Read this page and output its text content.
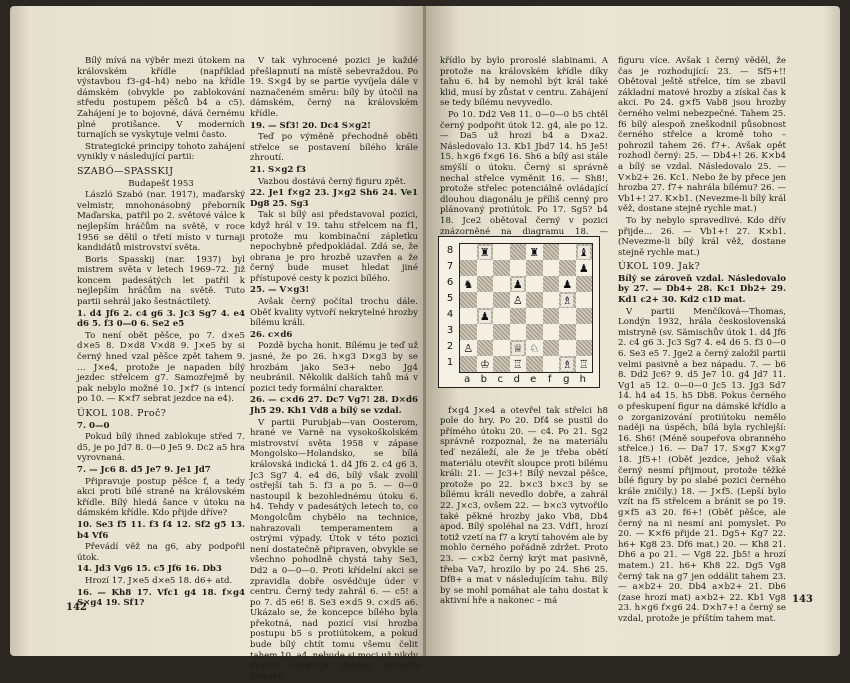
Bílý mívá na výběr mezi útokem na královském křídle (například výstavbou f3–g4–h4) nebo na křídle dámském (obvykle po zablokování středu postupem pěšců b4 a c5). Zahájení je to bojovné, dává černému plné protišance. V moderních turnajích se vyskytuje velmi často.

Strategické principy tohoto zahájení vynikly v následující partii:

SZABÓ—SPASSKIJ

Budapešť 1953

László Szabó (nar. 1917), maďarský velmistr, mnohonásobný přeborník Maďarska, patřil po 2. světové válce k nejlepším hráčům na světě, v roce 1956 se dělil o třetí místo v turnaji kandidátů mistrovství světa.

Boris Spasskij (nar. 1937) byl mistrem světa v letech 1969–72. Již koncem padesátých let patřil k nejlepším hráčům na světě. Tuto partii sehrál jako šestnáctiletý.

1. d4 Jf6 2. c4 g6 3. Jc3 Sg7 4. e4 d6 5. f3 0—0 6. Se2 e5

To není obět pěšce, po 7. d×e5 d×e5 8. D×d8 V×d8 9. J×e5 by si černý hned vzal pěšce zpět tahem 9. … J×e4, protože je napaden bílý jezdec střelcem g7. Samozřejmě by pak nebylo možné 10. J×f7 (s intencí po 10. — K×f7 sebrat jezdce na e4).

ÚKOL 108. Proč?

7. 0—0

Pokud bílý ihned zablokuje střed 7. d5, je po Jd7 8. 0—0 Je5 9. Dc2 a5 hra vyrovnaná.

7. — Jc6 8. d5 Je7 9. Je1 Jd7

Připravuje postup pěšce f, a tedy akci proti bílé straně na královském křídle. Bílý hledá šance v útoku na dámském křídle. Kdo přijde dříve?

10. Se3 f5 11. f3 f4 12. Sf2 g5 13. b4 Vf6

Převádí věž na g6, aby podpořil útok.

14. Jd3 Vg6 15. c5 Jf6 16. Db3

Hrozí 17. J×e5 d×e5 18. d6+ atd.

16. — Kh8 17. Vfc1 g4 18. f×g4 S×g4 19. Sf1?

V tak vyhrocené pozici je každé přešlapnutí na místě sebevraždou. Po 19. S×g4 by se partie vyvíjela dále v naznačeném směru: bílý by útočil na dámském, černý na královském křídle.

19. — Sf3! 20. Dc4 S×g2!

Teď po výměně přechodně oběti střelce se postavení bílého krále zhroutí.

21. S×g2 f3

Vazbou dostává černý figuru zpět.

22. Je1 f×g2 23. J×g2 Sh6 24. Ve1 Dg8 25. Sg3

Tak si bílý asi představoval pozici, když hrál v 19. tahu střelcem na f1, protože mu kombinační zápletku nepochybně předpokládal. Zdá se, že obrana je pro hrozbě uzavřen a že černý bude muset hledat jiné přístupové cesty k pozici bílého.

25. — V×g3!

Avšak černý počítal trochu dále. Oběť kvality vytvoří nekrytelné hrozby bílému králi.

26. c×d6

Pozdě bycha honit. Bílému je teď už jasné, že po 26. h×g3 D×g3 by se hrozbám jako Se3+ nebo Jg4 neubránil. Několik dalších tahů má v pozici tedy formální charakter.

26. — c×d6 27. Dc7 Vg7! 28. D×d6 Jh5 29. Kh1 Vd8 a bílý se vzdal.

V partii Purubjab—van Oosterom, hrané ve Varně na vysokoškolském mistrovství světa 1958 v zápase Mongolsko—Holandsko, se bílá královská indická 1. d4 Jf6 2. c4 g6 3. Jc3 Sg7 4. e4 d6, bílý však zvolil ostřejší tah 5. f3 a po 5. — 0—0 nastoupil k bezohlednému útoku 6. h4. Tehdy v padesátých letech to, co Mongolcům chybělo na technice, nahrazovali temperamentem a ostrými výpady. Útok v této pozici není dostatečně připraven, obvykle se všechno pohodlně chystá tahy Se3, Dd2 a 0—0—0. Proti křídelní akci se zpravidla dobře osvědčuje úder v centru. Černý tedy zahrál 6. — c5! a po 7. d5 e6! 8. Se3 e×d5 9. c×d5 a6. Ukázalo se, že koncepce bílého byla překotná, nad pozicí visí hrozba postupu b5 s protiútokem, a pokud bude bílý chtít tomu všemu čelit tahem 10. a4, nebude si moci už nikdy dovolit rochovat naplno, protože dámské

142

křídlo by bylo proroslé slabinami. A protože na královském křídle díky tahu 6. h4 by nemohl být král také klid, musí by zůstat v centru. Zahájení se tedy bílému nevyvedlo.

Po 10. Dd2 Ve8 11. 0—0—0 b5 chtěl černý podpořit útok 12. g4, ale po 12. — Da5 už hrozí b4 a D×a2. Následovalo 13. Kb1 Jbd7 14. h5 Je5! 15. h×g6 f×g6 16. Sh6 a bílý asi stále smýšlí o útoku. Černý si správně nechal střelce vyměnit 16. — Sh8!, protože střelec potenciálně ovládající dlouhou diagonálu je příliš cenný pro plánovaný protiútok. Po 17. Sg5? b4 18. Jce2 obětoval černý v pozici znázorněné na diagramu 18. —

f×g4 J×e4 a otevřel tak střelci h8 pole do hry. Po 20. Df4 se pustil do přímého útoku 20. — c4. Po 21. Sg2 správně rozpoznal, že na materiálu teď nezáleží, ale že je třeba obětí materiálu otevřít sloupce proti bílému králi: 21. — Jc3+! Bílý nevzal pěšce, protože po 22. b×c3 b×c3 by se bílému králi nevedlo dobře, a zahrál 22. J×c3, ovšem 22. — b×c3 vytvořilo také pěkné hrozby jako Vb8, Db4 apod. Bílý spoléhal na 23. Vdf1, hrozí totiž vzetí na f7 a krytí tahovém ale by mohlo černého pořádně zdržet. Proto 23. — c×b2 černý krýt mat pasivně, třeba Va7, hrozilo by po 24. Sh6 25. Df8+ a mat v následujícím tahu. Bílý by se mohl pomáhat ale tahu dostat k aktivní hře a nakonec – má

figuru více. Avšak i černý věděl, že čas je rozhodující: 23. — Sf5+!! Obětoval ještě střelce, tím se zbavil základní matové hrozby a získal čas k akci. Po 24. g×f5 Vab8 jsou hrozby černého velmi nebezpečné. Tahem 25. f6 bílý alespoň zneškodnil působnost černého střelce a kromě toho – pohrozil tahem 26. f7+. Avšak opět rozhodl černý: 25. — Db4+! 26. K×b4 a bílý se vzdal. Následovalo 25. — V×b2+ 26. Kc1. Nebo že by přece jen hrozba 27. f7+ nahrála bílému? 26. — Vb1+! 27. K×b1. (Nevezme-li bílý král věž, dostane stejně rychle mat.)

To by nebylo spravedlivé. Kdo dřív přijde… 26. — Vb1+! 27. K×b1. (Nevezme-li bílý král věž, dostane stejně rychle mat.)

ÚKOL 109. Jak?

Bílý se zároveň vzdal. Následovalo by 27. — Db4+ 28. Kc1 Db2+ 29. Kd1 c2+ 30. Kd2 c1D mat.

V partii Menčíková—Thomas, Londýn 1932, hrála československá mistryně (sv. Sämischův útok 1. d4 Jf6 2. c4 g6 3. Jc3 Sg7 4. e4 d6 5. f3 0—0 6. Se3 e5 7. Jge2 a černý založil partii velmi pasivně a bez nápadu. 7. — b6 8. Dd2 Jc6? 9. d5 Je7 10. g4 Jd7 11. Vg1 a5 12. 0—0—0 Jc5 13. Jg3 Sd7 14. h4 a4 15. h5 Db8. Pokus černého o přeskupení figur na dámské křídlo a o zorganizování protiútoku nemělo naději na úspěch, bílá byla rychlejší: 16. Sh6! (Méně soupeřova obranného střelce.) 16. — Da7 17. S×g7 K×g7 18. Jf5+! (Oběť jezdce, jehož však černý nesmí přijmout, protože těžké bílé figury by po slabé pozici černého krále zničily.) 18. — J×f5. (Lepší bylo vzít na f5 střelcem a bránit se po 19. g×f5 a3 20. f6+! (Oběť pěšce, ale černý na ni nesmí ani pomyslet. Po 20. — K×f6 přijde 21. Dg5+ Kg7 22. h6+ Kg8 23. Df6 mat.) 20. — Kh8 21. Dh6 a po 21. — Vg8 22. Jb5! a hrozí matem.) 21. h6+ Kh8 22. Dg5 Vg8 černý tak na g7 jen oddálit tahem 23. — a×b2+ 20. Db4 a×b2+ 21. Db6 (zase hrozí mat) a×b2+ 22. Kb1 Vg8 23. h×g6 f×g6 24. D×h7+! a černý se vzdal, protože je příštím tahem mat.

143
♜	♜	♝
♟
♞	♟	♟
♙	♗
♟
♙	♕ ♘
♔ ♖	♗ ♖
8
7
6
5
4
3
2
1
a	b	c	d	e	f	g	h
